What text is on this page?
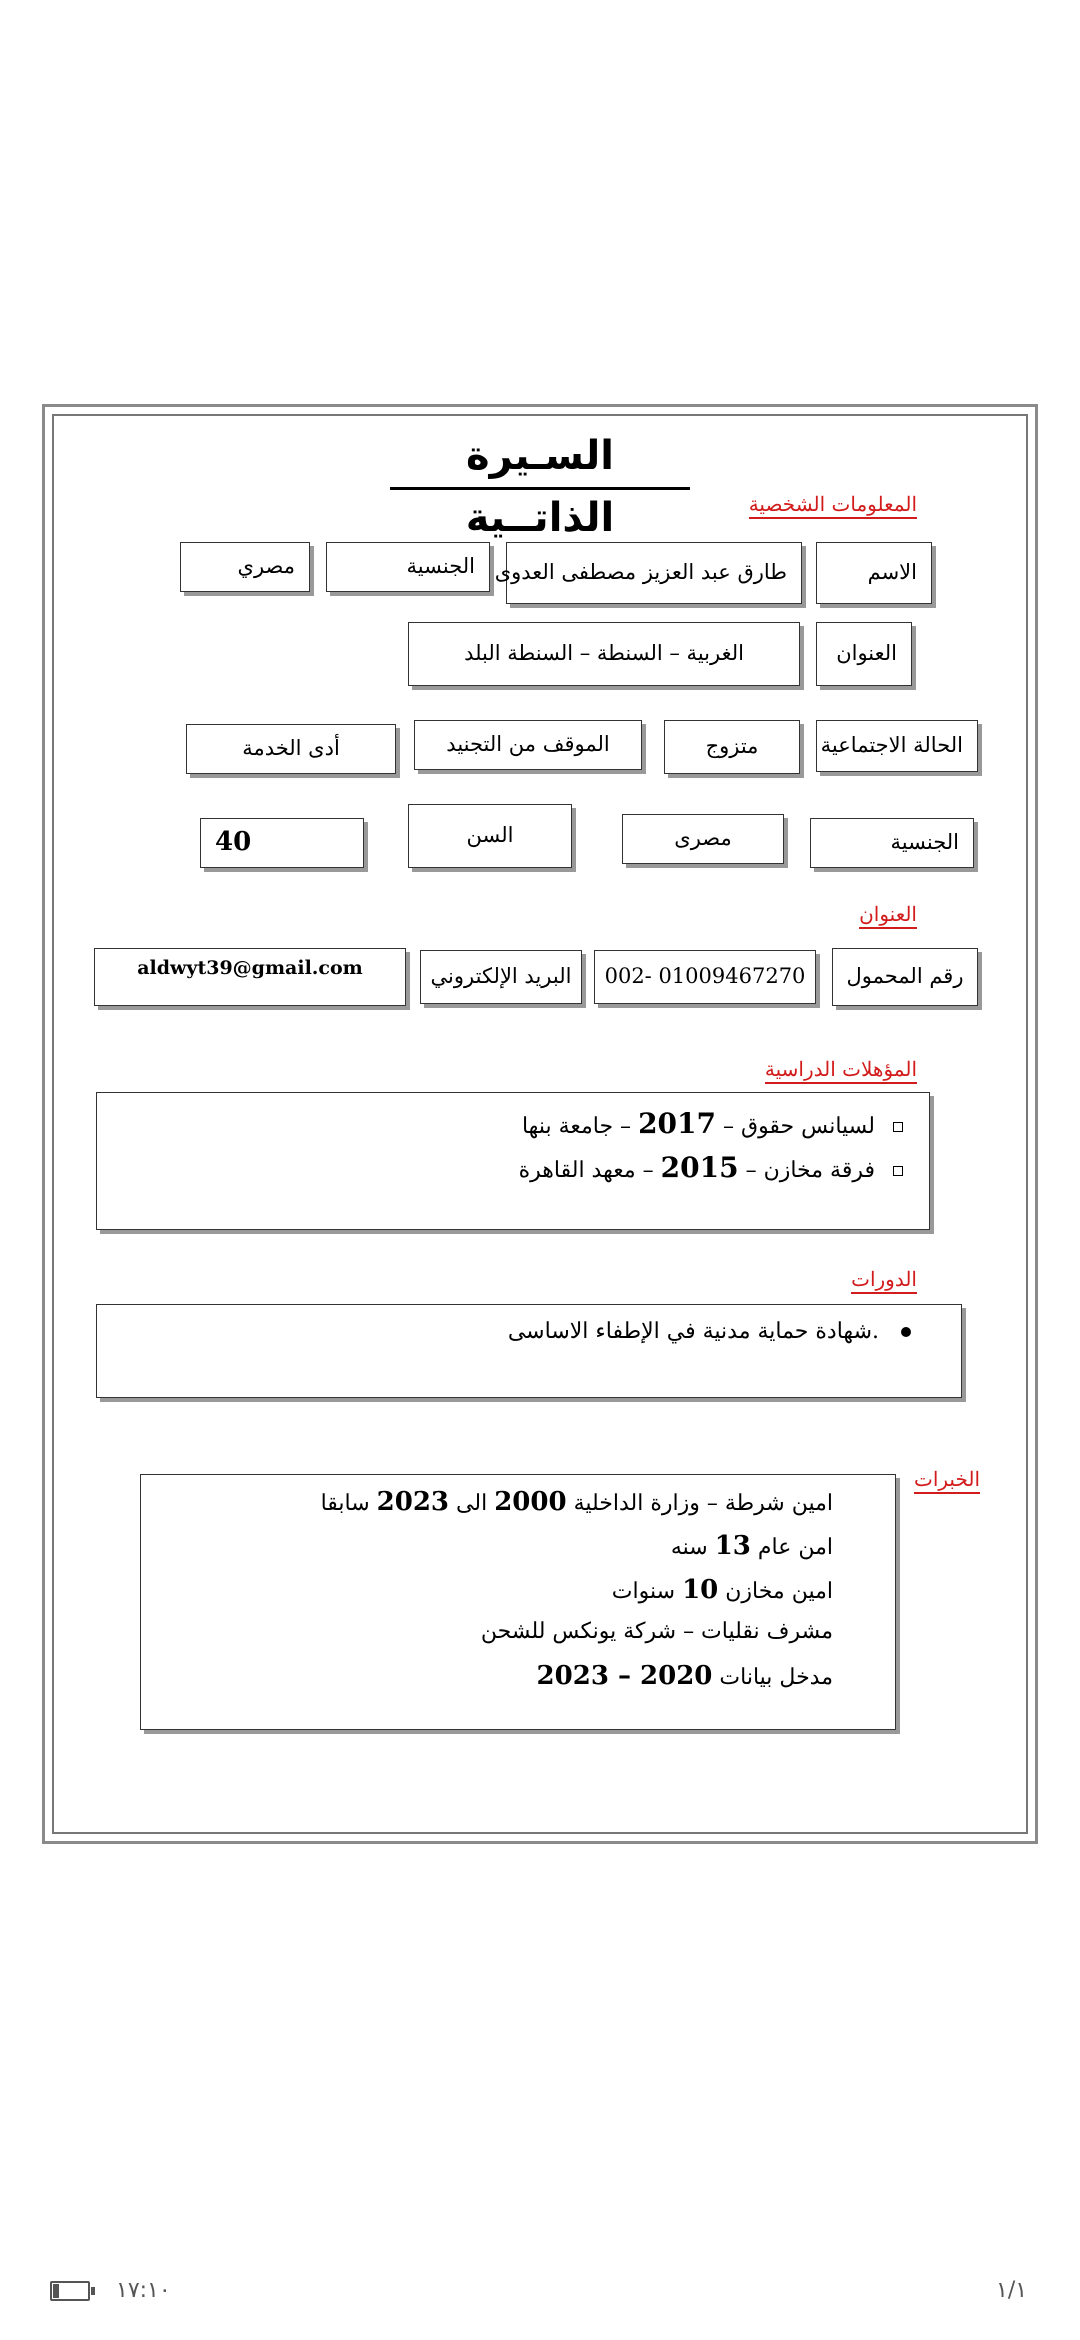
السـيرة الذاتــية	المعلومات الشخصية
الاسم
طارق عبد العزيز مصطفى العدوى
الجنسية
مصري
العنوان
الغربية – السنطة – السنطة البلد
الحالة الاجتماعية
متزوج
الموقف من التجنيد
أدى الخدمة
الجنسية
مصرى
السن
40
العنوان
رقم المحمول
002- 01009467270
البريد الإلكتروني
aldwyt39@gmail.com
المؤهلات الدراسية
لسيانس حقوق – 2017 – جامعة بنها
فرقة مخازن – 2015 – معهد القاهرة
الدورات
.شهادة حماية مدنية في الإطفاء الاساسى
الخبرات
امين شرطة – وزارة الداخلية 2000 الى 2023 سابقا
امن عام 13 سنه
امين مخازن 10 سنوات
مشرف نقليات – شركة يونكس للشحن
مدخل بيانات 2020 – 2023
١٧:١٠	١/١
